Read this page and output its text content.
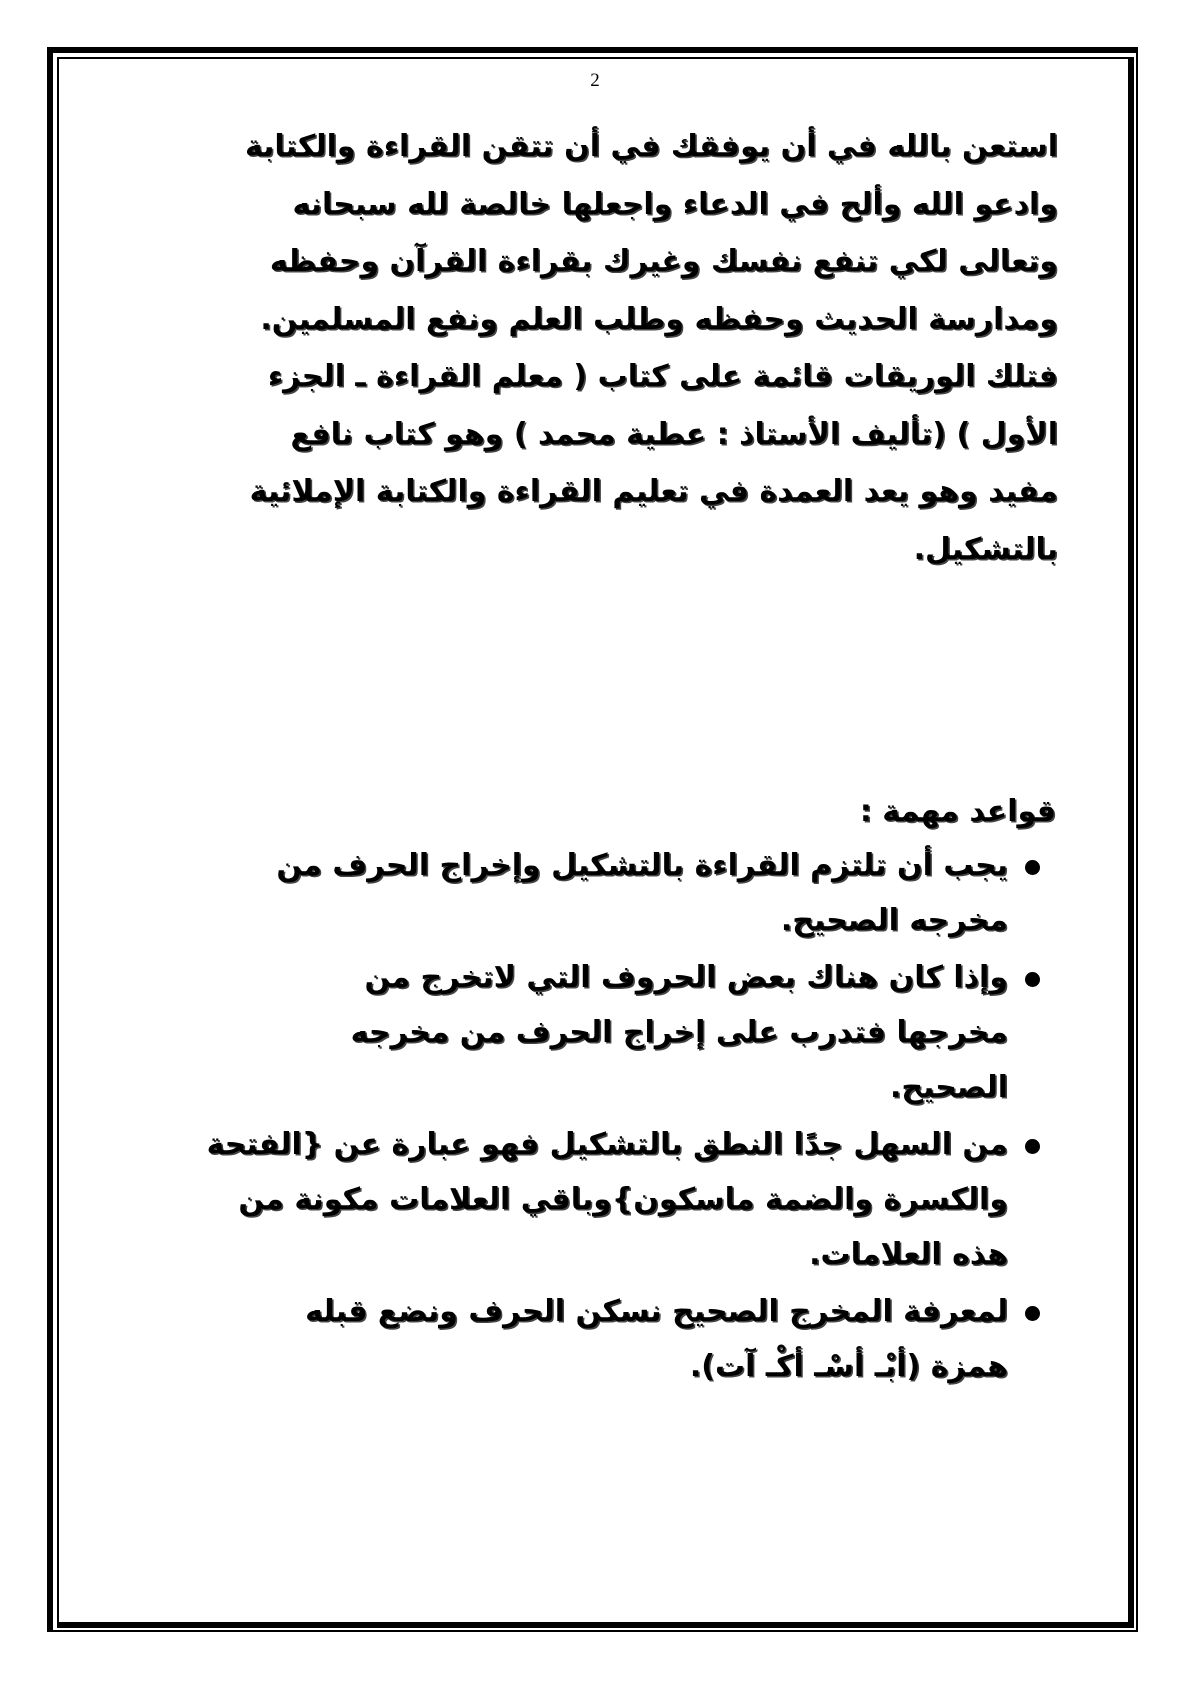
2
استعن بالله في أن يوفقك في أن تتقن القراءة والكتابة
وادعو الله وألح في الدعاء واجعلها خالصة لله سبحانه
وتعالى لكي تنفع نفسك وغيرك بقراءة القرآن وحفظه
ومدارسة الحديث وحفظه وطلب العلم ونفع المسلمين.
فتلك الوريقات قائمة على كتاب ( معلم القراءة ـ الجزء
الأول ) (تأليف الأستاذ : عطية محمد ) وهو كتاب نافع
مفيد وهو يعد العمدة في تعليم القراءة والكتابة الإملائية
بالتشكيل.
قواعد مهمة :
يجب أن تلتزم القراءة بالتشكيل وإخراج الحرف من
مخرجه الصحيح.
وإذا كان هناك بعض الحروف التي لاتخرج من
مخرجها فتدرب على إخراج الحرف من مخرجه
الصحيح.
من السهل جدًا النطق بالتشكيل فهو عبارة عن {الفتحة
والكسرة والضمة ماسكون}وباقي العلامات مكونة من
هذه العلامات.
لمعرفة المخرج الصحيح نسكن الحرف ونضع قبله
همزة (أبْـ أسْـ أكْـ آت).
